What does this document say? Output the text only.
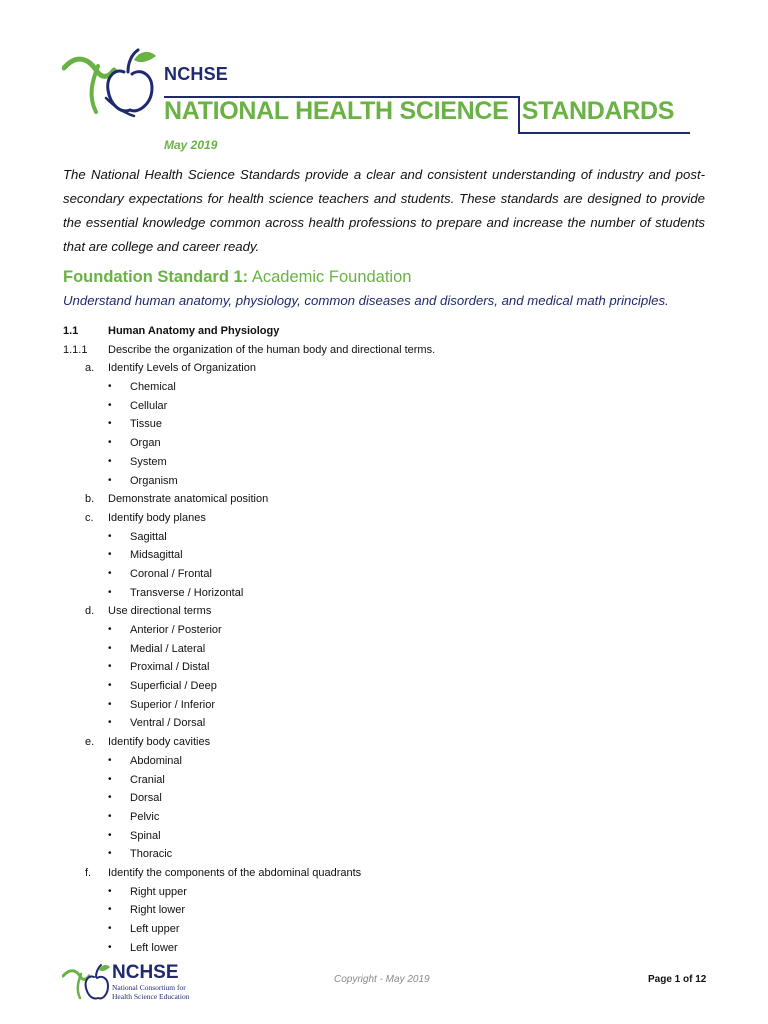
NCHSE
NATIONAL HEALTH SCIENCE  STANDARDS
May 2019

The National Health Science Standards provide a clear and consistent understanding of industry and post-secondary expectations for health science teachers and students. These standards are designed to provide the essential knowledge common across health professions to prepare and increase the number of students that are college and career ready.

Foundation Standard 1: Academic Foundation
Understand human anatomy, physiology, common diseases and disorders, and medical math principles.
1.1	Human Anatomy and Physiology
1.1.1 Describe the organization of the human body and directional terms.
a. Identify Levels of Organization
• Chemical
• Cellular
• Tissue
• Organ
• System
• Organism
b. Demonstrate anatomical position
c. Identify body planes
• Sagittal
• Midsagittal
• Coronal / Frontal
• Transverse / Horizontal
d. Use directional terms
• Anterior / Posterior
• Medial / Lateral
• Proximal / Distal
• Superficial / Deep
• Superior / Inferior
• Ventral / Dorsal
e. Identify body cavities
• Abdominal
• Cranial
• Dorsal
• Pelvic
• Spinal
• Thoracic
f. Identify the components of the abdominal quadrants
• Right upper
• Right lower
• Left upper
• Left lower
NCHSE
National Consortium for
Health Science Education
Copyright - May 2019	Page 1 of 12
